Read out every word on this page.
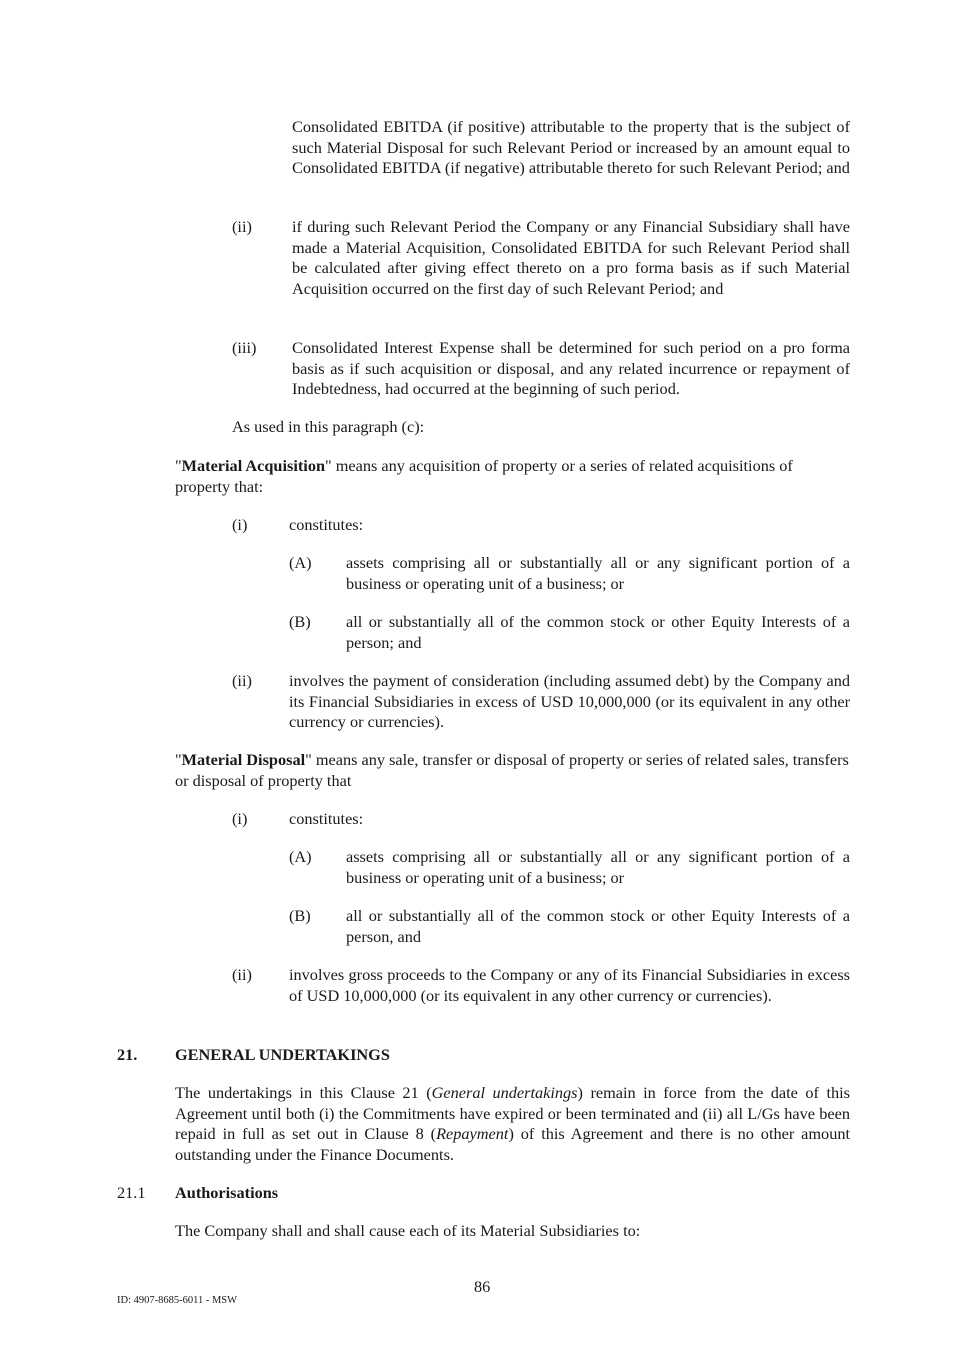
Consolidated EBITDA (if positive) attributable to the property that is the subject of such Material Disposal for such Relevant Period or increased by an amount equal to Consolidated EBITDA (if negative) attributable thereto for such Relevant Period; and

(ii) if during such Relevant Period the Company or any Financial Subsidiary shall have made a Material Acquisition, Consolidated EBITDA for such Relevant Period shall be calculated after giving effect thereto on a pro forma basis as if such Material Acquisition occurred on the first day of such Relevant Period; and

(iii) Consolidated Interest Expense shall be determined for such period on a pro forma basis as if such acquisition or disposal, and any related incurrence or repayment of Indebtedness, had occurred at the beginning of such period.

As used in this paragraph (c):

"Material Acquisition" means any acquisition of property or a series of related acquisitions of property that:

(i)	constitutes:

(A) assets comprising all or substantially all or any significant portion of a business or operating unit of a business; or

(B) all or substantially all of the common stock or other Equity Interests of a person; and

(ii) involves the payment of consideration (including assumed debt) by the Company and its Financial Subsidiaries in excess of USD 10,000,000 (or its equivalent in any other currency or currencies).

"Material Disposal" means any sale, transfer or disposal of property or series of related sales, transfers or disposal of property that

(i)	constitutes:

(A) assets comprising all or substantially all or any significant portion of a business or operating unit of a business; or

(B) all or substantially all of the common stock or other Equity Interests of a person, and

(ii) involves gross proceeds to the Company or any of its Financial Subsidiaries in excess of USD 10,000,000 (or its equivalent in any other currency or currencies).

21. GENERAL UNDERTAKINGS

The undertakings in this Clause 21 (General undertakings) remain in force from the date of this Agreement until both (i) the Commitments have expired or been terminated and (ii) all L/Gs have been repaid in full as set out in Clause 8 (Repayment) of this Agreement and there is no other amount outstanding under the Finance Documents.

21.1 Authorisations

The Company shall and shall cause each of its Material Subsidiaries to:

86
ID: 4907-8685-6011 - MSW
